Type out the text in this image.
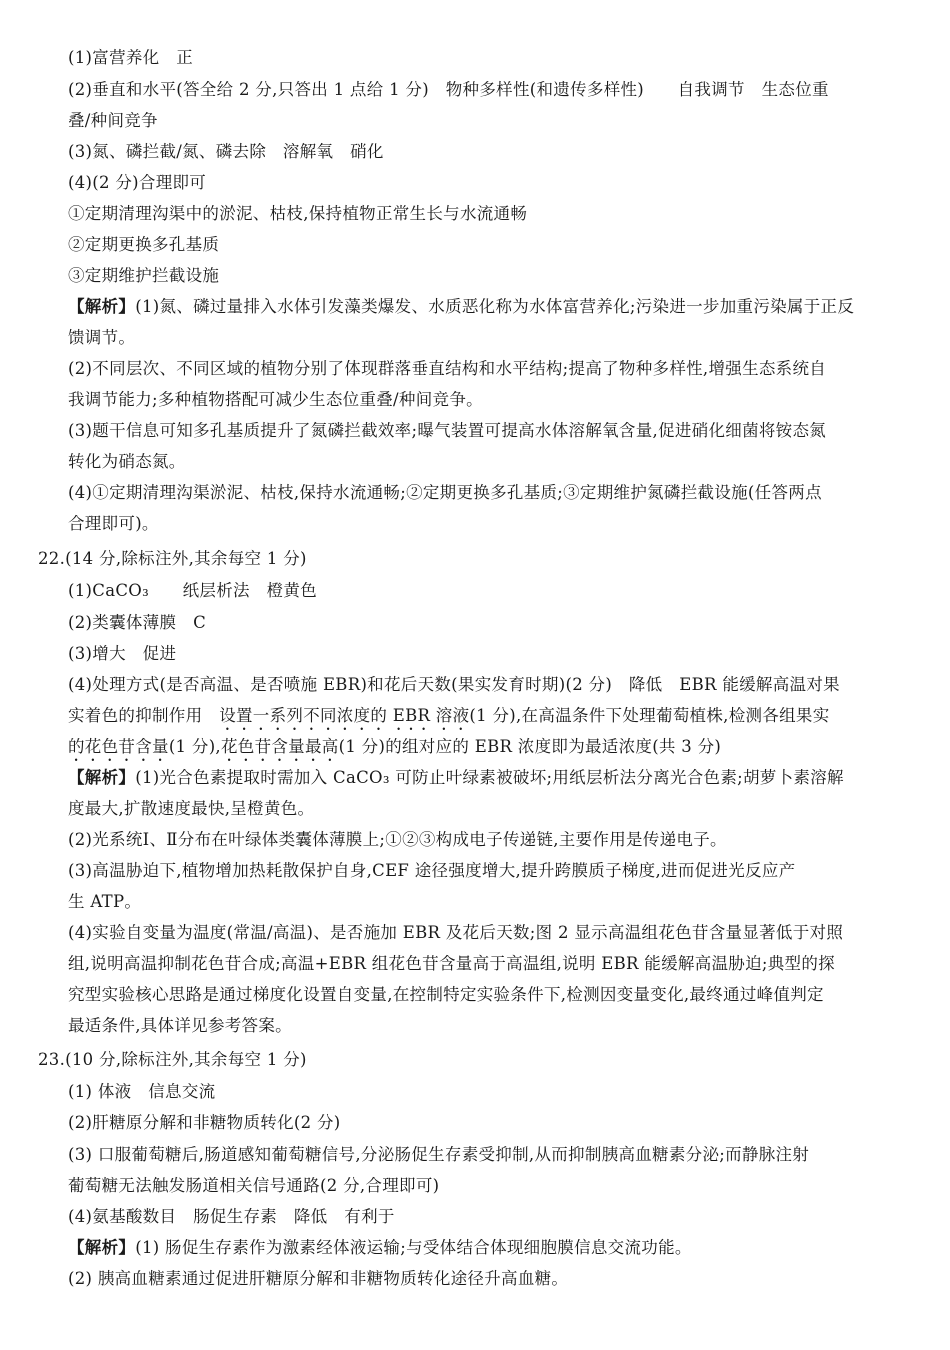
(1)富营养化　正
(2)垂直和水平(答全给 2 分,只答出 1 点给 1 分)　物种多样性(和遗传多样性)　　自我调节　生态位重
叠/种间竞争
(3)氮、磷拦截/氮、磷去除　溶解氧　硝化
(4)(2 分)合理即可
①定期清理沟渠中的淤泥、枯枝,保持植物正常生长与水流通畅
②定期更换多孔基质
③定期维护拦截设施
【解析】(1)氮、磷过量排入水体引发藻类爆发、水质恶化称为水体富营养化;污染进一步加重污染属于正反
馈调节。
(2)不同层次、不同区域的植物分别了体现群落垂直结构和水平结构;提高了物种多样性,增强生态系统自
我调节能力;多种植物搭配可减少生态位重叠/种间竞争。
(3)题干信息可知多孔基质提升了氮磷拦截效率;曝气装置可提高水体溶解氧含量,促进硝化细菌将铵态氮
转化为硝态氮。
(4)①定期清理沟渠淤泥、枯枝,保持水流通畅;②定期更换多孔基质;③定期维护氮磷拦截设施(任答两点
合理即可)。
22.(14 分,除标注外,其余每空 1 分)
(1)CaCO₃　　纸层析法　橙黄色
(2)类囊体薄膜　C
(3)增大　促进
(4)处理方式(是否高温、是否喷施 EBR)和花后天数(果实发育时期)(2 分)　降低　EBR 能缓解高温对果
实着色的抑制作用　设置一系列不同浓度的 EBR 溶液(1 分),在高温条件下处理葡萄植株,检测各组果实
的花色苷含量(1 分),花色苷含量最高(1 分)的组对应的 EBR 浓度即为最适浓度(共 3 分)
【解析】(1)光合色素提取时需加入 CaCO₃ 可防止叶绿素被破坏;用纸层析法分离光合色素;胡萝卜素溶解
度最大,扩散速度最快,呈橙黄色。
(2)光系统Ⅰ、Ⅱ分布在叶绿体类囊体薄膜上;①②③构成电子传递链,主要作用是传递电子。
(3)高温胁迫下,植物增加热耗散保护自身,CEF 途径强度增大,提升跨膜质子梯度,进而促进光反应产
生 ATP。
(4)实验自变量为温度(常温/高温)、是否施加 EBR 及花后天数;图 2 显示高温组花色苷含量显著低于对照
组,说明高温抑制花色苷合成;高温+EBR 组花色苷含量高于高温组,说明 EBR 能缓解高温胁迫;典型的探
究型实验核心思路是通过梯度化设置自变量,在控制特定实验条件下,检测因变量变化,最终通过峰值判定
最适条件,具体详见参考答案。
23.(10 分,除标注外,其余每空 1 分)
(1) 体液　信息交流
(2)肝糖原分解和非糖物质转化(2 分)
(3) 口服葡萄糖后,肠道感知葡萄糖信号,分泌肠促生存素受抑制,从而抑制胰高血糖素分泌;而静脉注射
葡萄糖无法触发肠道相关信号通路(2 分,合理即可)
(4)氨基酸数目　肠促生存素　降低　有利于
【解析】(1) 肠促生存素作为激素经体液运输;与受体结合体现细胞膜信息交流功能。
(2) 胰高血糖素通过促进肝糖原分解和非糖物质转化途径升高血糖。
